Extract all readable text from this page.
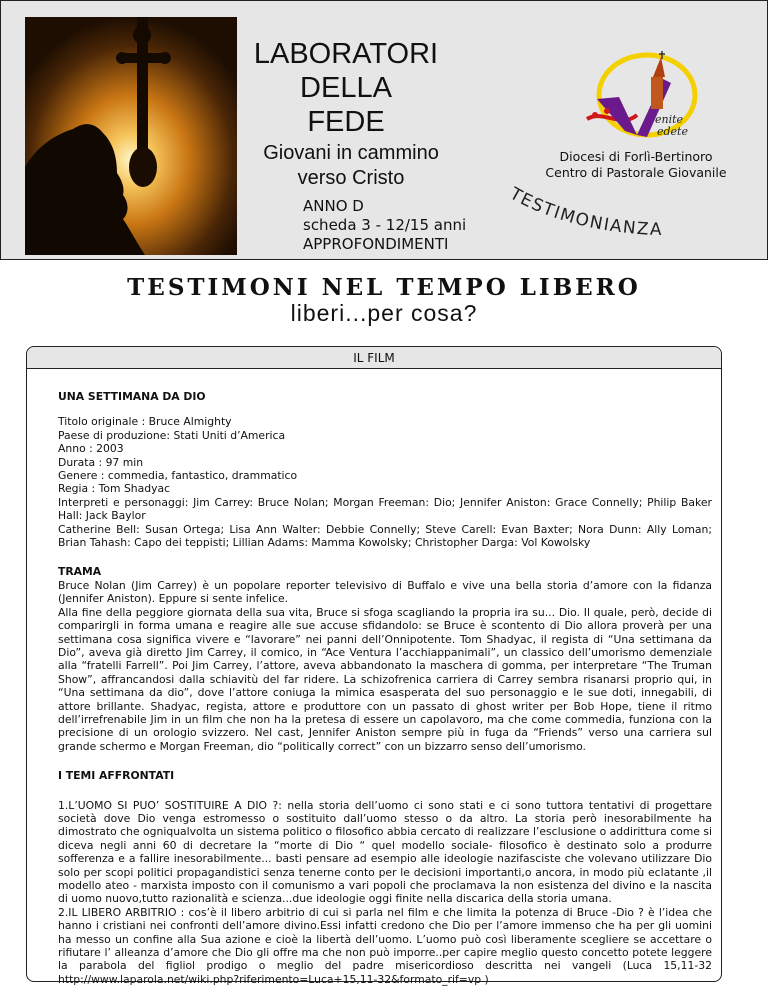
LABORATORI
DELLA
FEDE
Giovani in cammino
verso Cristo
ANNO D
scheda 3 - 12/15 anni
APPROFONDIMENTI
enite
edete
Diocesi di Forlì-Bertinoro
Centro di Pastorale Giovanile
TESTIMONIANZA
TESTIMONI NEL TEMPO LIBERO
liberi...per cosa?
IL FILM

UNA SETTIMANA DA DIO

Titolo originale : Bruce Almighty

Paese di produzione: Stati Uniti d’America

Anno : 2003

Durata : 97 min

Genere : commedia, fantastico, drammatico

Regia : Tom Shadyac

Interpreti e personaggi: Jim Carrey: Bruce Nolan; Morgan Freeman: Dio; Jennifer Aniston: Grace Connelly; Philip Baker Hall: Jack Baylor

Catherine Bell: Susan Ortega; Lisa Ann Walter: Debbie Connelly; Steve Carell: Evan Baxter; Nora Dunn: Ally Loman; Brian Tahash: Capo dei teppisti; Lillian Adams: Mamma Kowolsky; Christopher Darga: Vol Kowolsky

TRAMA

Bruce Nolan (Jim Carrey) è un popolare reporter televisivo di Buffalo e vive una bella storia d’amore con la fidanza (Jennifer Aniston). Eppure si sente infelice.

Alla fine della peggiore giornata della sua vita, Bruce si sfoga scagliando la propria ira su... Dio. Il quale, però, decide di comparirgli in forma umana e reagire alle sue accuse sfidandolo: se Bruce è scontento di Dio allora proverà per una settimana cosa significa vivere e “lavorare” nei panni dell’Onnipotente. Tom Shadyac, il regista di “Una settimana da Dio”, aveva già diretto Jim Carrey, il comico, in “Ace Ventura l’acchiappanimali”, un classico dell’umorismo demenziale alla “fratelli Farrell”. Poi Jim Carrey, l’attore, aveva abbandonato la maschera di gomma, per interpretare “The Truman Show”, affrancandosi dalla schiavitù del far ridere. La schizofrenica carriera di Carrey sembra risanarsi proprio qui, in “Una settimana da dio”, dove l’attore coniuga la mimica esasperata del suo personaggio e le sue doti, innegabili, di attore brillante. Shadyac, regista, attore e produttore con un passato di ghost writer per Bob Hope, tiene il ritmo dell’irrefrenabile Jim in un film che non ha la pretesa di essere un capolavoro, ma che come commedia, funziona con la precisione di un orologio svizzero. Nel cast, Jennifer Aniston sempre più in fuga da “Friends” verso una carriera sul grande schermo e Morgan Freeman, dio “politically correct” con un bizzarro senso dell’umorismo.

I TEMI AFFRONTATI

1.L’UOMO SI PUO’ SOSTITUIRE A DIO ?: nella storia dell’uomo ci sono stati e ci sono tuttora tentativi di progettare società dove Dio venga estromesso o sostituito dall’uomo stesso o da altro. La storia però inesorabilmente ha dimostrato che ogniqualvolta un sistema politico o filosofico abbia cercato di realizzare l’esclusione o addirittura come si diceva negli anni 60 di decretare la “morte di Dio “ quel modello sociale- filosofico è destinato solo a produrre sofferenza e a fallire inesorabilmente... basti pensare ad esempio alle ideologie nazifasciste che volevano utilizzare Dio solo per scopi politici propagandistici senza tenerne conto per le decisioni importanti,o ancora, in modo più eclatante ,il modello ateo - marxista imposto con il comunismo a vari popoli che proclamava la non esistenza del divino e la nascita di uomo nuovo,tutto razionalità e scienza...due ideologie oggi finite nella discarica della storia umana.

2.IL LIBERO ARBITRIO : cos’è il libero arbitrio di cui si parla nel film e che limita la potenza di Bruce -Dio ? è l’idea che hanno i cristiani nei confronti dell’amore divino.Essi infatti credono che Dio per l’amore immenso che ha per gli uomini ha messo un confine alla Sua azione e cioè la libertà dell’uomo. L’uomo può così liberamente scegliere se accettare o rifiutare l’ alleanza d’amore che Dio gli offre ma che non può imporre..per capire meglio questo concetto potete leggere la parabola del figliol prodigo o meglio del padre misericordioso descritta nei vangeli (Luca 15,11-32 http://www.laparola.net/wiki.php?riferimento=Luca+15,11-32&formato_rif=vp )
